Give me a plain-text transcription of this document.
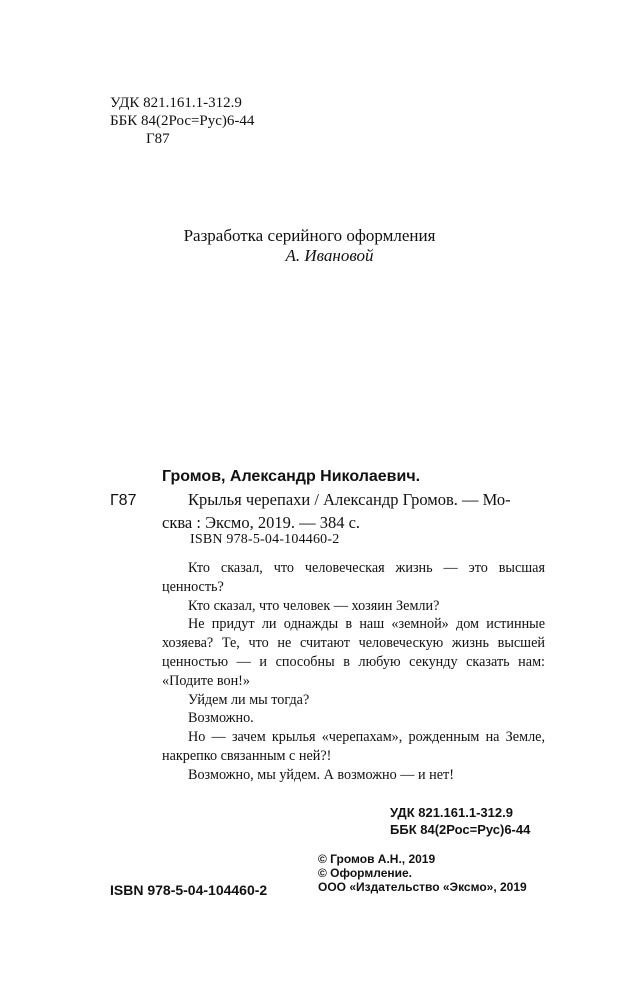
УДК 821.161.1-312.9
ББК 84(2Рос=Рус)6-44
Г87
Разработка серийного оформления
А. Ивановой
Громов, Александр Николаевич.
Г87	Крылья черепахи / Александр Громов. — Мо-
сква : Эксмо, 2019. — 384 с.
ISBN 978-5-04-104460-2

Кто сказал, что человеческая жизнь — это высшая ценность?

Кто сказал, что человек — хозяин Земли?

Не придут ли однажды в наш «земной» дом истинные хозяева? Те, что не считают человеческую жизнь высшей ценностью — и способны в любую секунду сказать нам: «Подите вон!»

Уйдем ли мы тогда?

Возможно.

Но — зачем крылья «черепахам», рожденным на Земле, накрепко связанным с ней?!

Возможно, мы уйдем. А возможно — и нет!

УДК 821.161.1-312.9
ББК 84(2Рос=Рус)6-44
© Громов А.Н., 2019
© Оформление.
ООО «Издательство «Эксмо», 2019
ISBN 978-5-04-104460-2
